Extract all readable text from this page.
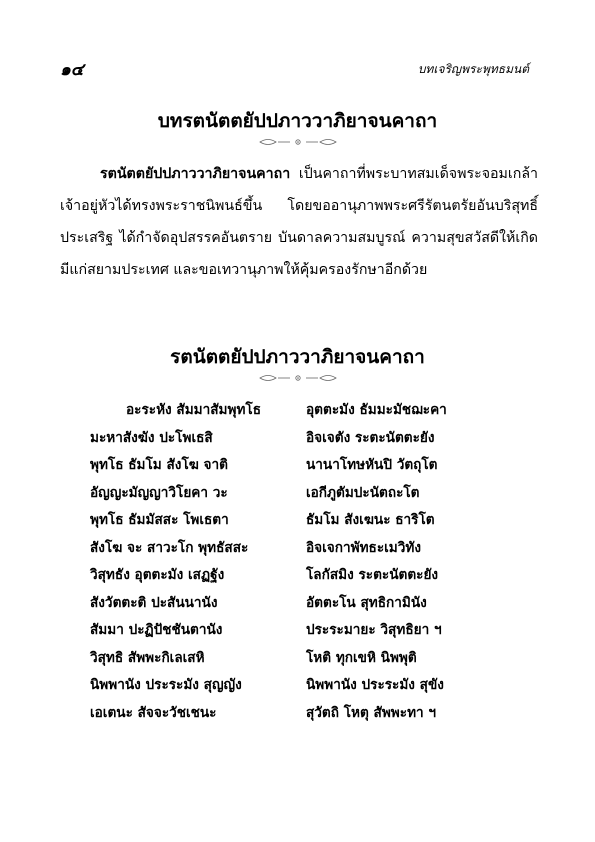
๑๔	บทเจริญพระพุทธมนต์
บทรตนัตตยัปปภาววาภิยาจนคาถา

รตนัตตยัปปภาววาภิยาจนคาถา เป็นคาถาที่พระบาทสมเด็จพระจอมเกล้าเจ้าอยู่หัวได้ทรงพระราชนิพนธ์ขึ้น โดยขออานุภาพพระศรีรัตนตรัยอันบริสุทธิ์ประเสริฐ ได้กำจัดอุปสรรคอันตราย บันดาลความสมบูรณ์ ความสุขสวัสดีให้เกิดมีแก่สยามประเทศ และขอเทวานุภาพให้คุ้มครองรักษาอีกด้วย

รตนัตตยัปปภาววาภิยาจนคาถา
อะระหัง สัมมาสัมพุทโธ	อุตตะมัง ธัมมะมัชฌะคา
มะหาสังฆัง ปะโพเธสิ	อิจเจตัง ระตะนัตตะยัง
พุทโธ ธัมโม สังโฆ จาติ	นานาโทษหันปิ วัตถุโต
อัญญะมัญญาวิโยคา วะ	เอกีภูตัมปะนัตถะโต
พุทโธ ธัมมัสสะ โพเธตา	ธัมโม สังเฆนะ ธาริโต
สังโฆ จะ สาวะโก พุทธัสสะ	อิจเจกาพัทธะเมวิทัง
วิสุทธัง อุตตะมัง เสฏฐัง	โลกัสมิง ระตะนัตตะยัง
สังวัตตะติ ปะสันนานัง	อัตตะโน สุทธิกามินัง
สัมมา ปะฏิปัชชันตานัง	ประระมายะ วิสุทธิยา ฯ
วิสุทธิ สัพพะกิเลเสหิ	โหติ ทุกเขหิ นิพพุติ
นิพพานัง ประระมัง สุญญัง	นิพพานัง ประระมัง สุขัง
เอเตนะ สัจจะวัชเชนะ	สุวัตถิ โหตุ สัพพะทา ฯ
